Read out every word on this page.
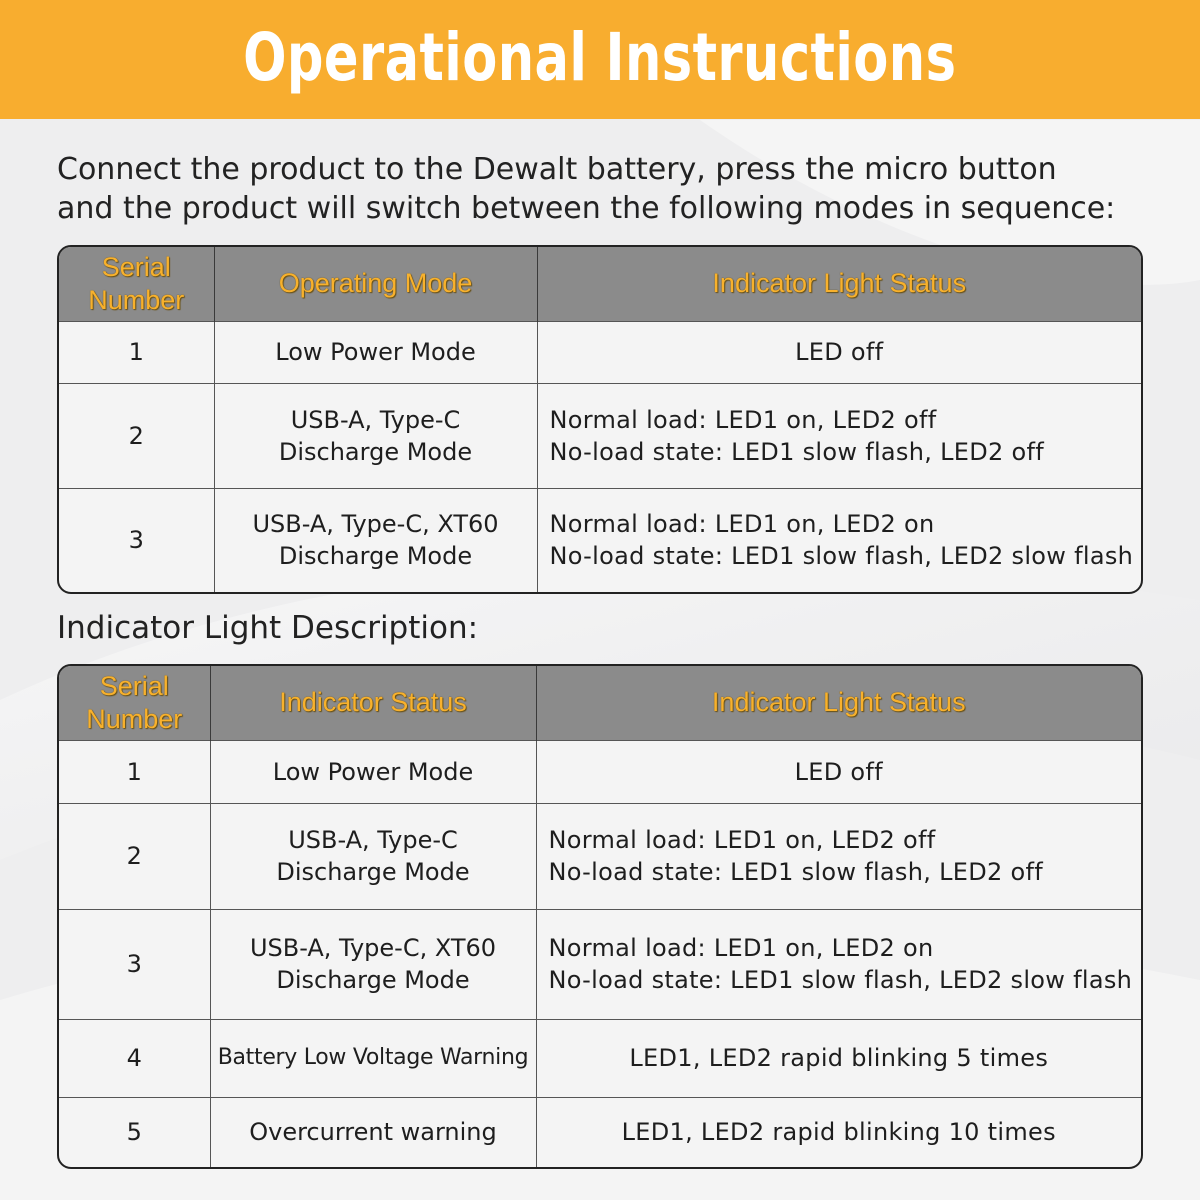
Operational Instructions
Connect the product to the Dewalt battery, press the micro button
and the product will switch between the following modes in sequence:
Serial
Number	Operating Mode	Indicator Light Status
1	Low Power Mode	LED off

2	USB-A, Type-C
Discharge Mode	Normal load: LED1 on, LED2 off
No-load state: LED1 slow flash, LED2 off

3	USB-A, Type-C, XT60
Discharge Mode	Normal load: LED1 on, LED2 on
No-load state: LED1 slow flash, LED2 slow flash
Indicator Light Description:
Serial
Number	Indicator Status	Indicator Light Status
1	Low Power Mode	LED off

2	USB-A, Type-C
Discharge Mode	Normal load: LED1 on, LED2 off
No-load state: LED1 slow flash, LED2 off

3	USB-A, Type-C, XT60
Discharge Mode	Normal load: LED1 on, LED2 on
No-load state: LED1 slow flash, LED2 slow flash

4	Battery Low Voltage Warning	LED1, LED2 rapid blinking 5 times

5	Overcurrent warning	LED1, LED2 rapid blinking 10 times
